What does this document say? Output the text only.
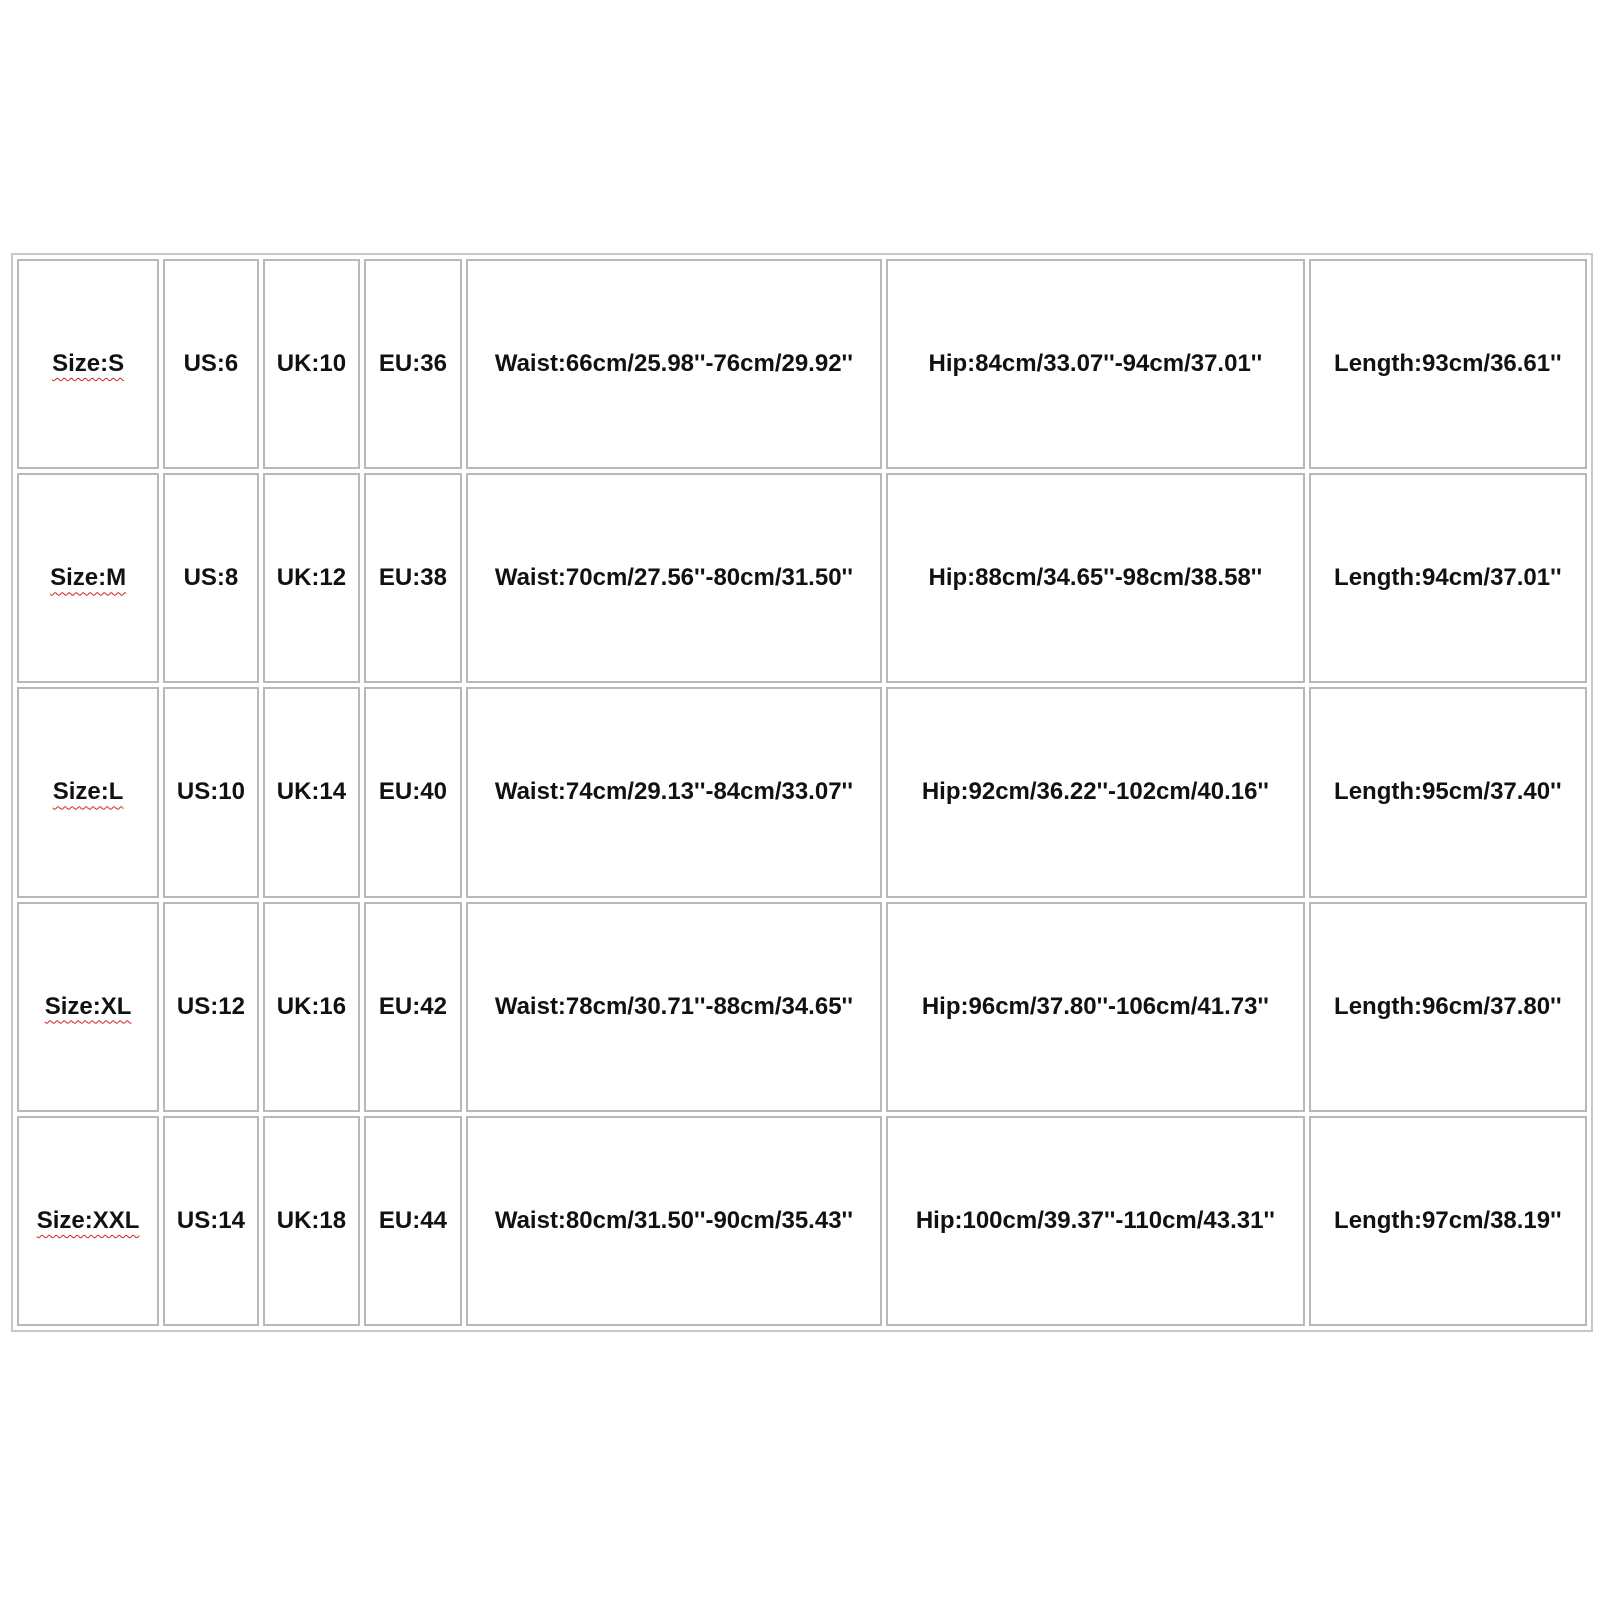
Size:S	US:6	UK:10	EU:36	Waist:66cm/25.98''-76cm/29.92''	Hip:84cm/33.07''-94cm/37.01''	Length:93cm/36.61''
Size:M	US:8	UK:12	EU:38	Waist:70cm/27.56''-80cm/31.50''	Hip:88cm/34.65''-98cm/38.58''	Length:94cm/37.01''
Size:L	US:10	UK:14	EU:40	Waist:74cm/29.13''-84cm/33.07''	Hip:92cm/36.22''-102cm/40.16''	Length:95cm/37.40''
Size:XL	US:12	UK:16	EU:42	Waist:78cm/30.71''-88cm/34.65''	Hip:96cm/37.80''-106cm/41.73''	Length:96cm/37.80''
Size:XXL	US:14	UK:18	EU:44	Waist:80cm/31.50''-90cm/35.43''	Hip:100cm/39.37''-110cm/43.31''	Length:97cm/38.19''
